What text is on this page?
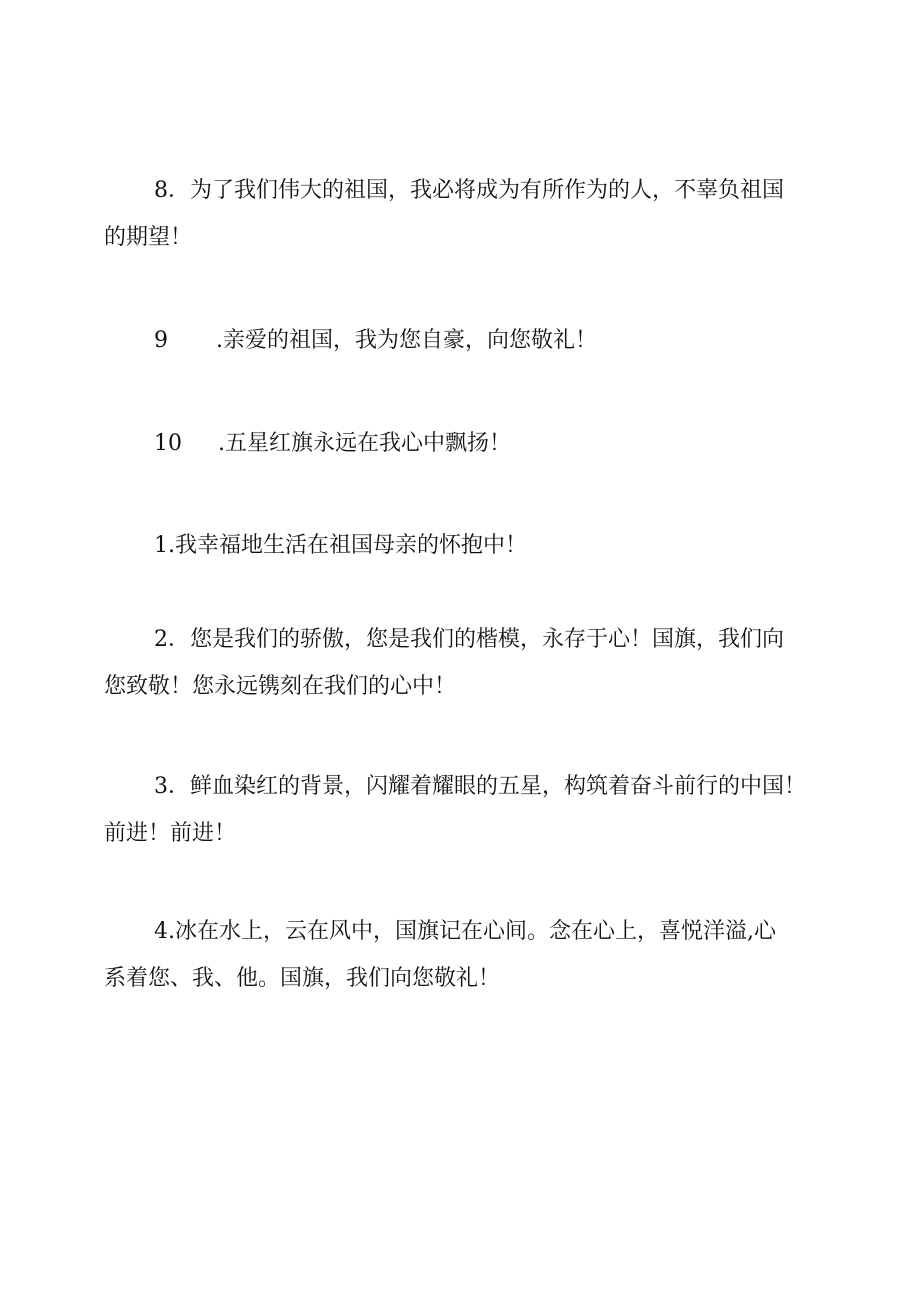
8．为了我们伟大的祖国，我必将成为有所作为的人，不辜负祖国
的期望！
9 .亲爱的祖国，我为您自豪，向您敬礼！
10 .五星红旗永远在我心中飘扬！
1.我幸福地生活在祖国母亲的怀抱中！
2．您是我们的骄傲，您是我们的楷模，永存于心！国旗，我们向
您致敬！您永远镌刻在我们的心中！
3．鲜血染红的背景，闪耀着耀眼的五星，构筑着奋斗前行的中国！
前进！前进！
4.冰在水上，云在风中，国旗记在心间。念在心上，喜悦洋溢,心
系着您、我、他。国旗，我们向您敬礼！
